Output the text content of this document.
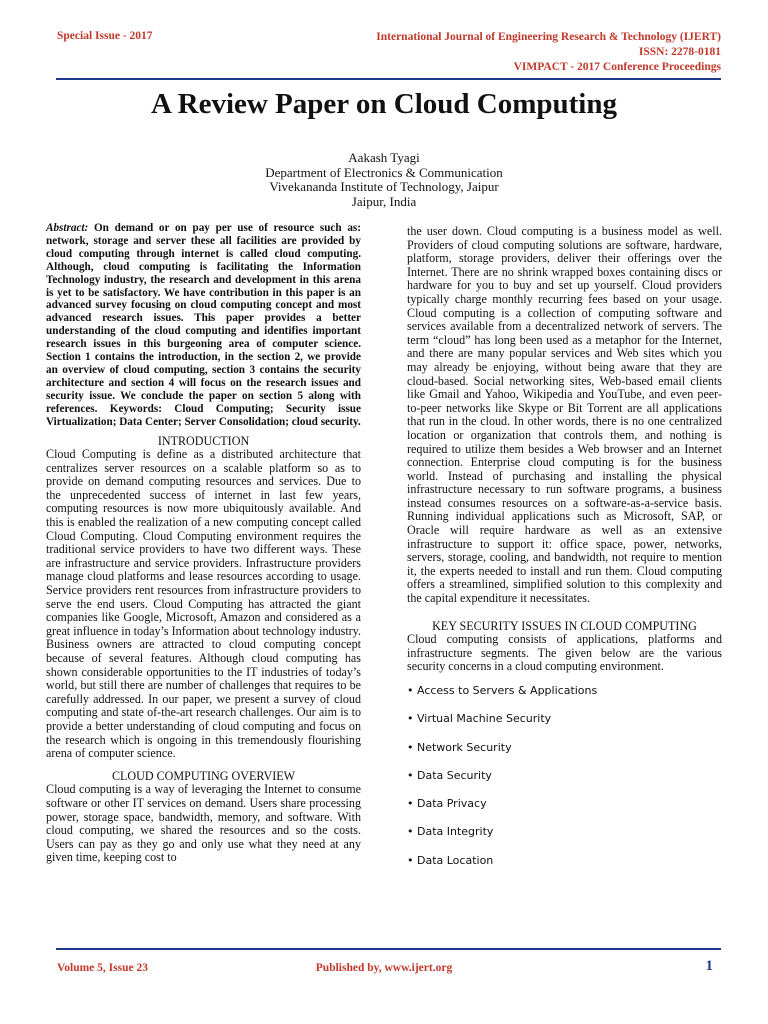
Special Issue - 2017	International Journal of Engineering Research & Technology (IJERT)
ISSN: 2278-0181
VIMPACT - 2017 Conference Proceedings
A Review Paper on Cloud Computing
Aakash Tyagi
Department of Electronics & Communication
Vivekananda Institute of Technology, Jaipur
Jaipur, India

Abstract: On demand or on pay per use of resource such as: network, storage and server these all facilities are provided by cloud computing through internet is called cloud computing. Although, cloud computing is facilitating the Information Technology industry, the research and development in this arena is yet to be satisfactory. We have contribution in this paper is an advanced survey focusing on cloud computing concept and most advanced research issues. This paper provides a better understanding of the cloud computing and identifies important research issues in this burgeoning area of computer science. Section 1 contains the introduction, in the section 2, we provide an overview of cloud computing, section 3 contains the security architecture and section 4 will focus on the research issues and security issue. We conclude the paper on section 5 along with references. Keywords: Cloud Computing; Security issue Virtualization; Data Center; Server Consolidation; cloud security.

INTRODUCTION

Cloud Computing is define as a distributed architecture that centralizes server resources on a scalable platform so as to provide on demand computing resources and services. Due to the unprecedented success of internet in last few years, computing resources is now more ubiquitously available. And this is enabled the realization of a new computing concept called Cloud Computing. Cloud Computing environment requires the traditional service providers to have two different ways. These are infrastructure and service providers. Infrastructure providers manage cloud platforms and lease resources according to usage. Service providers rent resources from infrastructure providers to serve the end users. Cloud Computing has attracted the giant companies like Google, Microsoft, Amazon and considered as a great influence in today’s Information about technology industry. Business owners are attracted to cloud computing concept because of several features. Although cloud computing has shown considerable opportunities to the IT industries of today’s world, but still there are number of challenges that requires to be carefully addressed. In our paper, we present a survey of cloud computing and state of-the-art research challenges. Our aim is to provide a better understanding of cloud computing and focus on the research which is ongoing in this tremendously flourishing arena of computer science.

CLOUD COMPUTING OVERVIEW

Cloud computing is a way of leveraging the Internet to consume software or other IT services on demand. Users share processing power, storage space, bandwidth, memory, and software. With cloud computing, we shared the resources and so the costs. Users can pay as they go and only use what they need at any given time, keeping cost to

the user down. Cloud computing is a business model as well. Providers of cloud computing solutions are software, hardware, platform, storage providers, deliver their offerings over the Internet. There are no shrink wrapped boxes containing discs or hardware for you to buy and set up yourself. Cloud providers typically charge monthly recurring fees based on your usage. Cloud computing is a collection of computing software and services available from a decentralized network of servers. The term “cloud” has long been used as a metaphor for the Internet, and there are many popular services and Web sites which you may already be enjoying, without being aware that they are cloud-based. Social networking sites, Web-based email clients like Gmail and Yahoo, Wikipedia and YouTube, and even peer-to-peer networks like Skype or Bit Torrent are all applications that run in the cloud. In other words, there is no one centralized location or organization that controls them, and nothing is required to utilize them besides a Web browser and an Internet connection. Enterprise cloud computing is for the business world. Instead of purchasing and installing the physical infrastructure necessary to run software programs, a business instead consumes resources on a software-as-a-service basis. Running individual applications such as Microsoft, SAP, or Oracle will require hardware as well as an extensive infrastructure to support it: office space, power, networks, servers, storage, cooling, and bandwidth, not require to mention it, the experts needed to install and run them. Cloud computing offers a streamlined, simplified solution to this complexity and the capital expenditure it necessitates.

KEY SECURITY ISSUES IN CLOUD COMPUTING

Cloud computing consists of applications, platforms and infrastructure segments. The given below are the various security concerns in a cloud computing environment.

• Access to Servers & Applications
• Virtual Machine Security
• Network Security
• Data Security
• Data Privacy
• Data Integrity
• Data Location
Volume 5, Issue 23	Published by, www.ijert.org	1
